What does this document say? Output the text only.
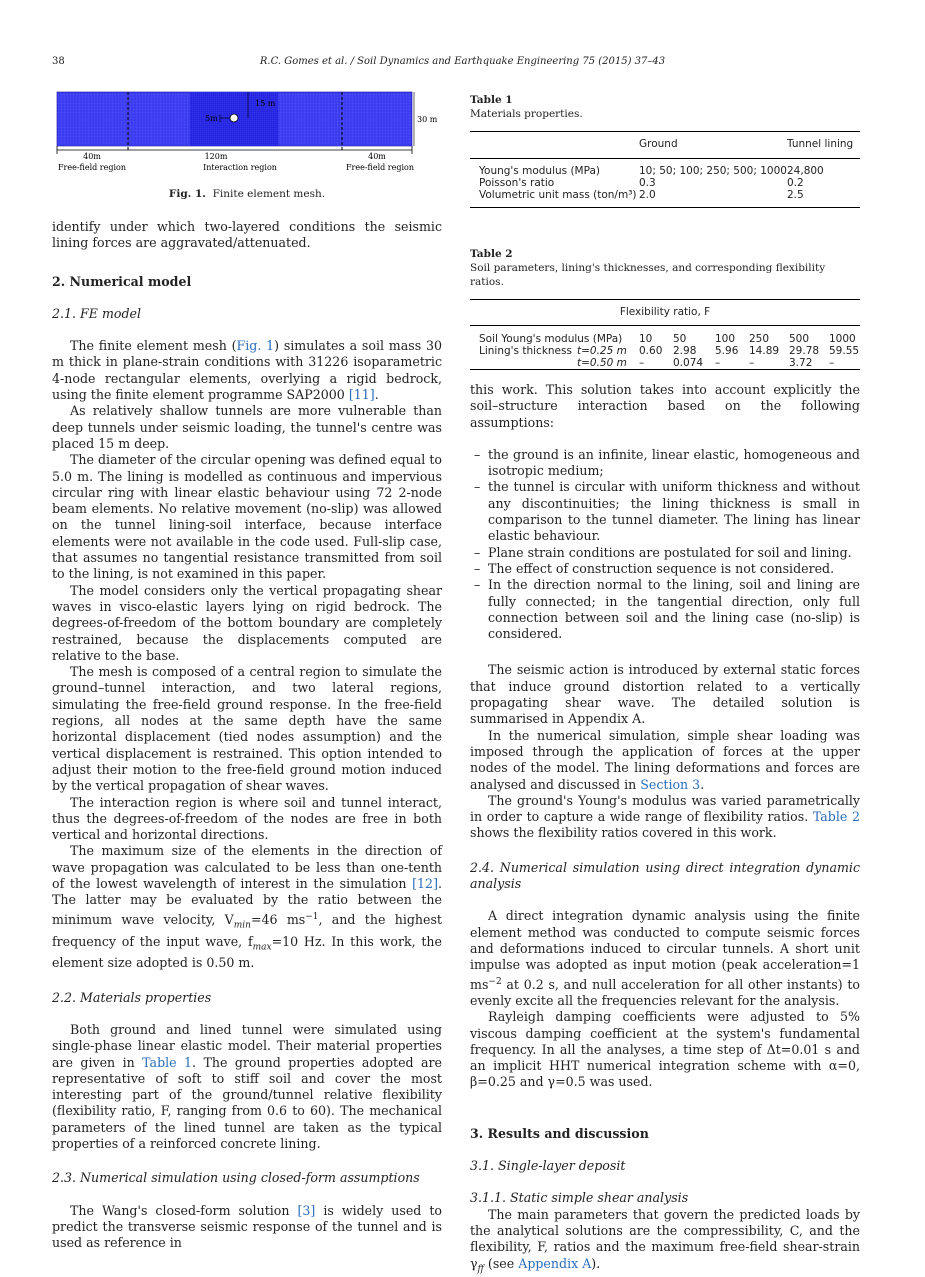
38	R.C. Gomes et al. / Soil Dynamics and Earthquake Engineering 75 (2015) 37–43
15 m
5m	30 m
40m
Free-field region
120m
Interaction region
40m
Free-field region
Fig. 1. Finite element mesh.

identify under which two-layered conditions the seismic lining forces are aggravated/attenuated.

2. Numerical model
2.1. FE model

The finite element mesh (Fig. 1) simulates a soil mass 30 m thick in plane-strain conditions with 31226 isoparametric 4-node rectangular elements, overlying a rigid bedrock, using the finite element programme SAP2000 [11].

As relatively shallow tunnels are more vulnerable than deep tunnels under seismic loading, the tunnel's centre was placed 15 m deep.

The diameter of the circular opening was defined equal to 5.0 m. The lining is modelled as continuous and impervious circular ring with linear elastic behaviour using 72 2-node beam elements. No relative movement (no-slip) was allowed on the tunnel lining-soil interface, because interface elements were not available in the code used. Full-slip case, that assumes no tangential resistance transmitted from soil to the lining, is not examined in this paper.

The model considers only the vertical propagating shear waves in visco-elastic layers lying on rigid bedrock. The degrees-of-freedom of the bottom boundary are completely restrained, because the displacements computed are relative to the base.

The mesh is composed of a central region to simulate the ground–tunnel interaction, and two lateral regions, simulating the free-field ground response. In the free-field regions, all nodes at the same depth have the same horizontal displacement (tied nodes assumption) and the vertical displacement is restrained. This option intended to adjust their motion to the free-field ground motion induced by the vertical propagation of shear waves.

The interaction region is where soil and tunnel interact, thus the degrees-of-freedom of the nodes are free in both vertical and horizontal directions.

The maximum size of the elements in the direction of wave propagation was calculated to be less than one-tenth of the lowest wavelength of interest in the simulation [12]. The latter may be evaluated by the ratio between the minimum wave velocity, $V_{min}=46$ $ms^{-1}$, and the highest frequency of the input wave, $f_{max}=10$ Hz. In this work, the element size adopted is 0.50 m.

2.2. Materials properties

Both ground and lined tunnel were simulated using single-phase linear elastic model. Their material properties are given in Table 1. The ground properties adopted are representative of soft to stiff soil and cover the most interesting part of the ground/tunnel relative flexibility (flexibility ratio, F, ranging from 0.6 to 60). The mechanical parameters of the lined tunnel are taken as the typical properties of a reinforced concrete lining.

2.3. Numerical simulation using closed-form assumptions

The Wang's closed-form solution [3] is widely used to predict the transverse seismic response of the tunnel and is used as reference in

Table 1
Materials properties.
	Ground	Tunnel lining
Young's modulus (MPa)	10; 50; 100; 250; 500; 1000	24,800
Poisson's ratio	0.3	0.2
Volumetric unit mass (ton/m³)	2.0	2.5
Table 2
Soil parameters, lining's thicknesses, and corresponding flexibility ratios.
Flexibility ratio, F							
Soil Young's modulus (MPa)		10	50	100	250	500	1000
Lining's thickness	t=0.25 m	0.60	2.98	5.96	14.89	29.78	59.55
	t=0.50 m	–	0.074	–	–	3.72	–

this work. This solution takes into account explicitly the soil–structure interaction based on the following assumptions:

– the ground is an infinite, linear elastic, homogeneous and isotropic medium;
– the tunnel is circular with uniform thickness and without any discontinuities; the lining thickness is small in comparison to the tunnel diameter. The lining has linear elastic behaviour.
– Plane strain conditions are postulated for soil and lining.
– The effect of construction sequence is not considered.
– In the direction normal to the lining, soil and lining are fully connected; in the tangential direction, only full connection between soil and the lining case (no-slip) is considered.

The seismic action is introduced by external static forces that induce ground distortion related to a vertically propagating shear wave. The detailed solution is summarised in Appendix A.

In the numerical simulation, simple shear loading was imposed through the application of forces at the upper nodes of the model. The lining deformations and forces are analysed and discussed in Section 3.

The ground's Young's modulus was varied parametrically in order to capture a wide range of flexibility ratios. Table 2 shows the flexibility ratios covered in this work.

2.4. Numerical simulation using direct integration dynamic analysis

A direct integration dynamic analysis using the finite element method was conducted to compute seismic forces and deformations induced to circular tunnels. A short unit impulse was adopted as input motion (peak acceleration=1 $ms^{-2}$ at 0.2 s, and null acceleration for all other instants) to evenly excite all the frequencies relevant for the analysis.

Rayleigh damping coefficients were adjusted to 5% viscous damping coefficient at the system's fundamental frequency. In all the analyses, a time step of Δt=0.01 s and an implicit HHT numerical integration scheme with α=0, β=0.25 and γ=0.5 was used.

3. Results and discussion
3.1. Single-layer deposit
3.1.1. Static simple shear analysis

The main parameters that govern the predicted loads by the analytical solutions are the compressibility, C, and the flexibility, F, ratios and the maximum free-field shear-strain $\gamma_{ff}$ (see Appendix A).
